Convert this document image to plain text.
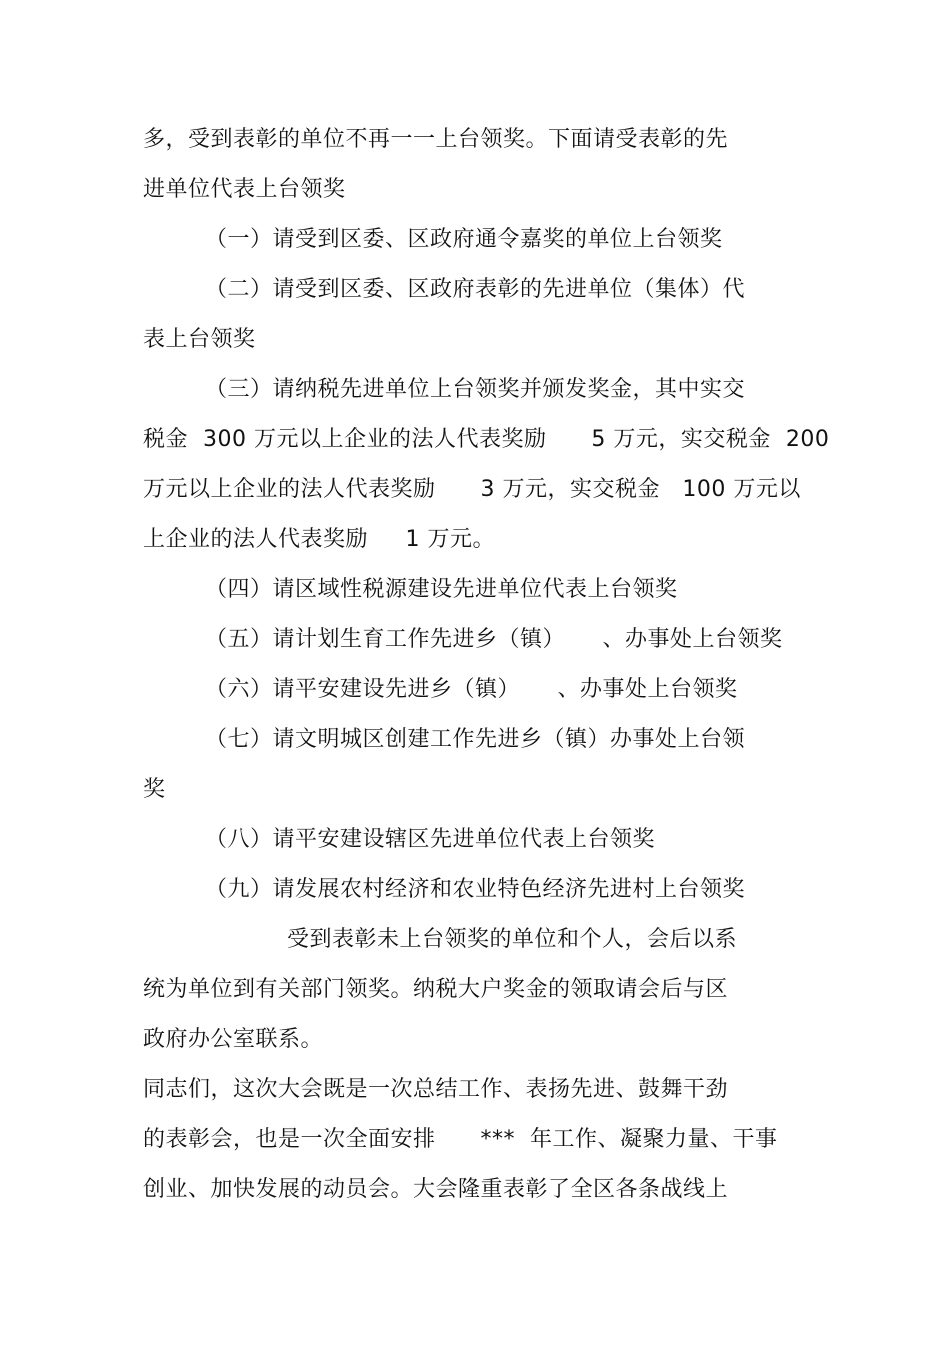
多，受到表彰的单位不再一一上台领奖。下面请受表彰的先
进单位代表上台领奖
（一）请受到区委、区政府通令嘉奖的单位上台领奖
（二）请受到区委、区政府表彰的先进单位（集体）代
表上台领奖
（三）请纳税先进单位上台领奖并颁发奖金，其中实交
税金  300 万元以上企业的法人代表奖励      5 万元，实交税金  200
万元以上企业的法人代表奖励      3 万元，实交税金   100 万元以
上企业的法人代表奖励     1 万元。
（四）请区域性税源建设先进单位代表上台领奖
（五）请计划生育工作先进乡（镇）     、办事处上台领奖
（六）请平安建设先进乡（镇）     、办事处上台领奖
（七）请文明城区创建工作先进乡（镇）办事处上台领
奖
（八）请平安建设辖区先进单位代表上台领奖
（九）请发展农村经济和农业特色经济先进村上台领奖
受到表彰未上台领奖的单位和个人，会后以系
统为单位到有关部门领奖。纳税大户奖金的领取请会后与区
政府办公室联系。
同志们，这次大会既是一次总结工作、表扬先进、鼓舞干劲
的表彰会，也是一次全面安排      ***  年工作、凝聚力量、干事
创业、加快发展的动员会。大会隆重表彰了全区各条战线上
